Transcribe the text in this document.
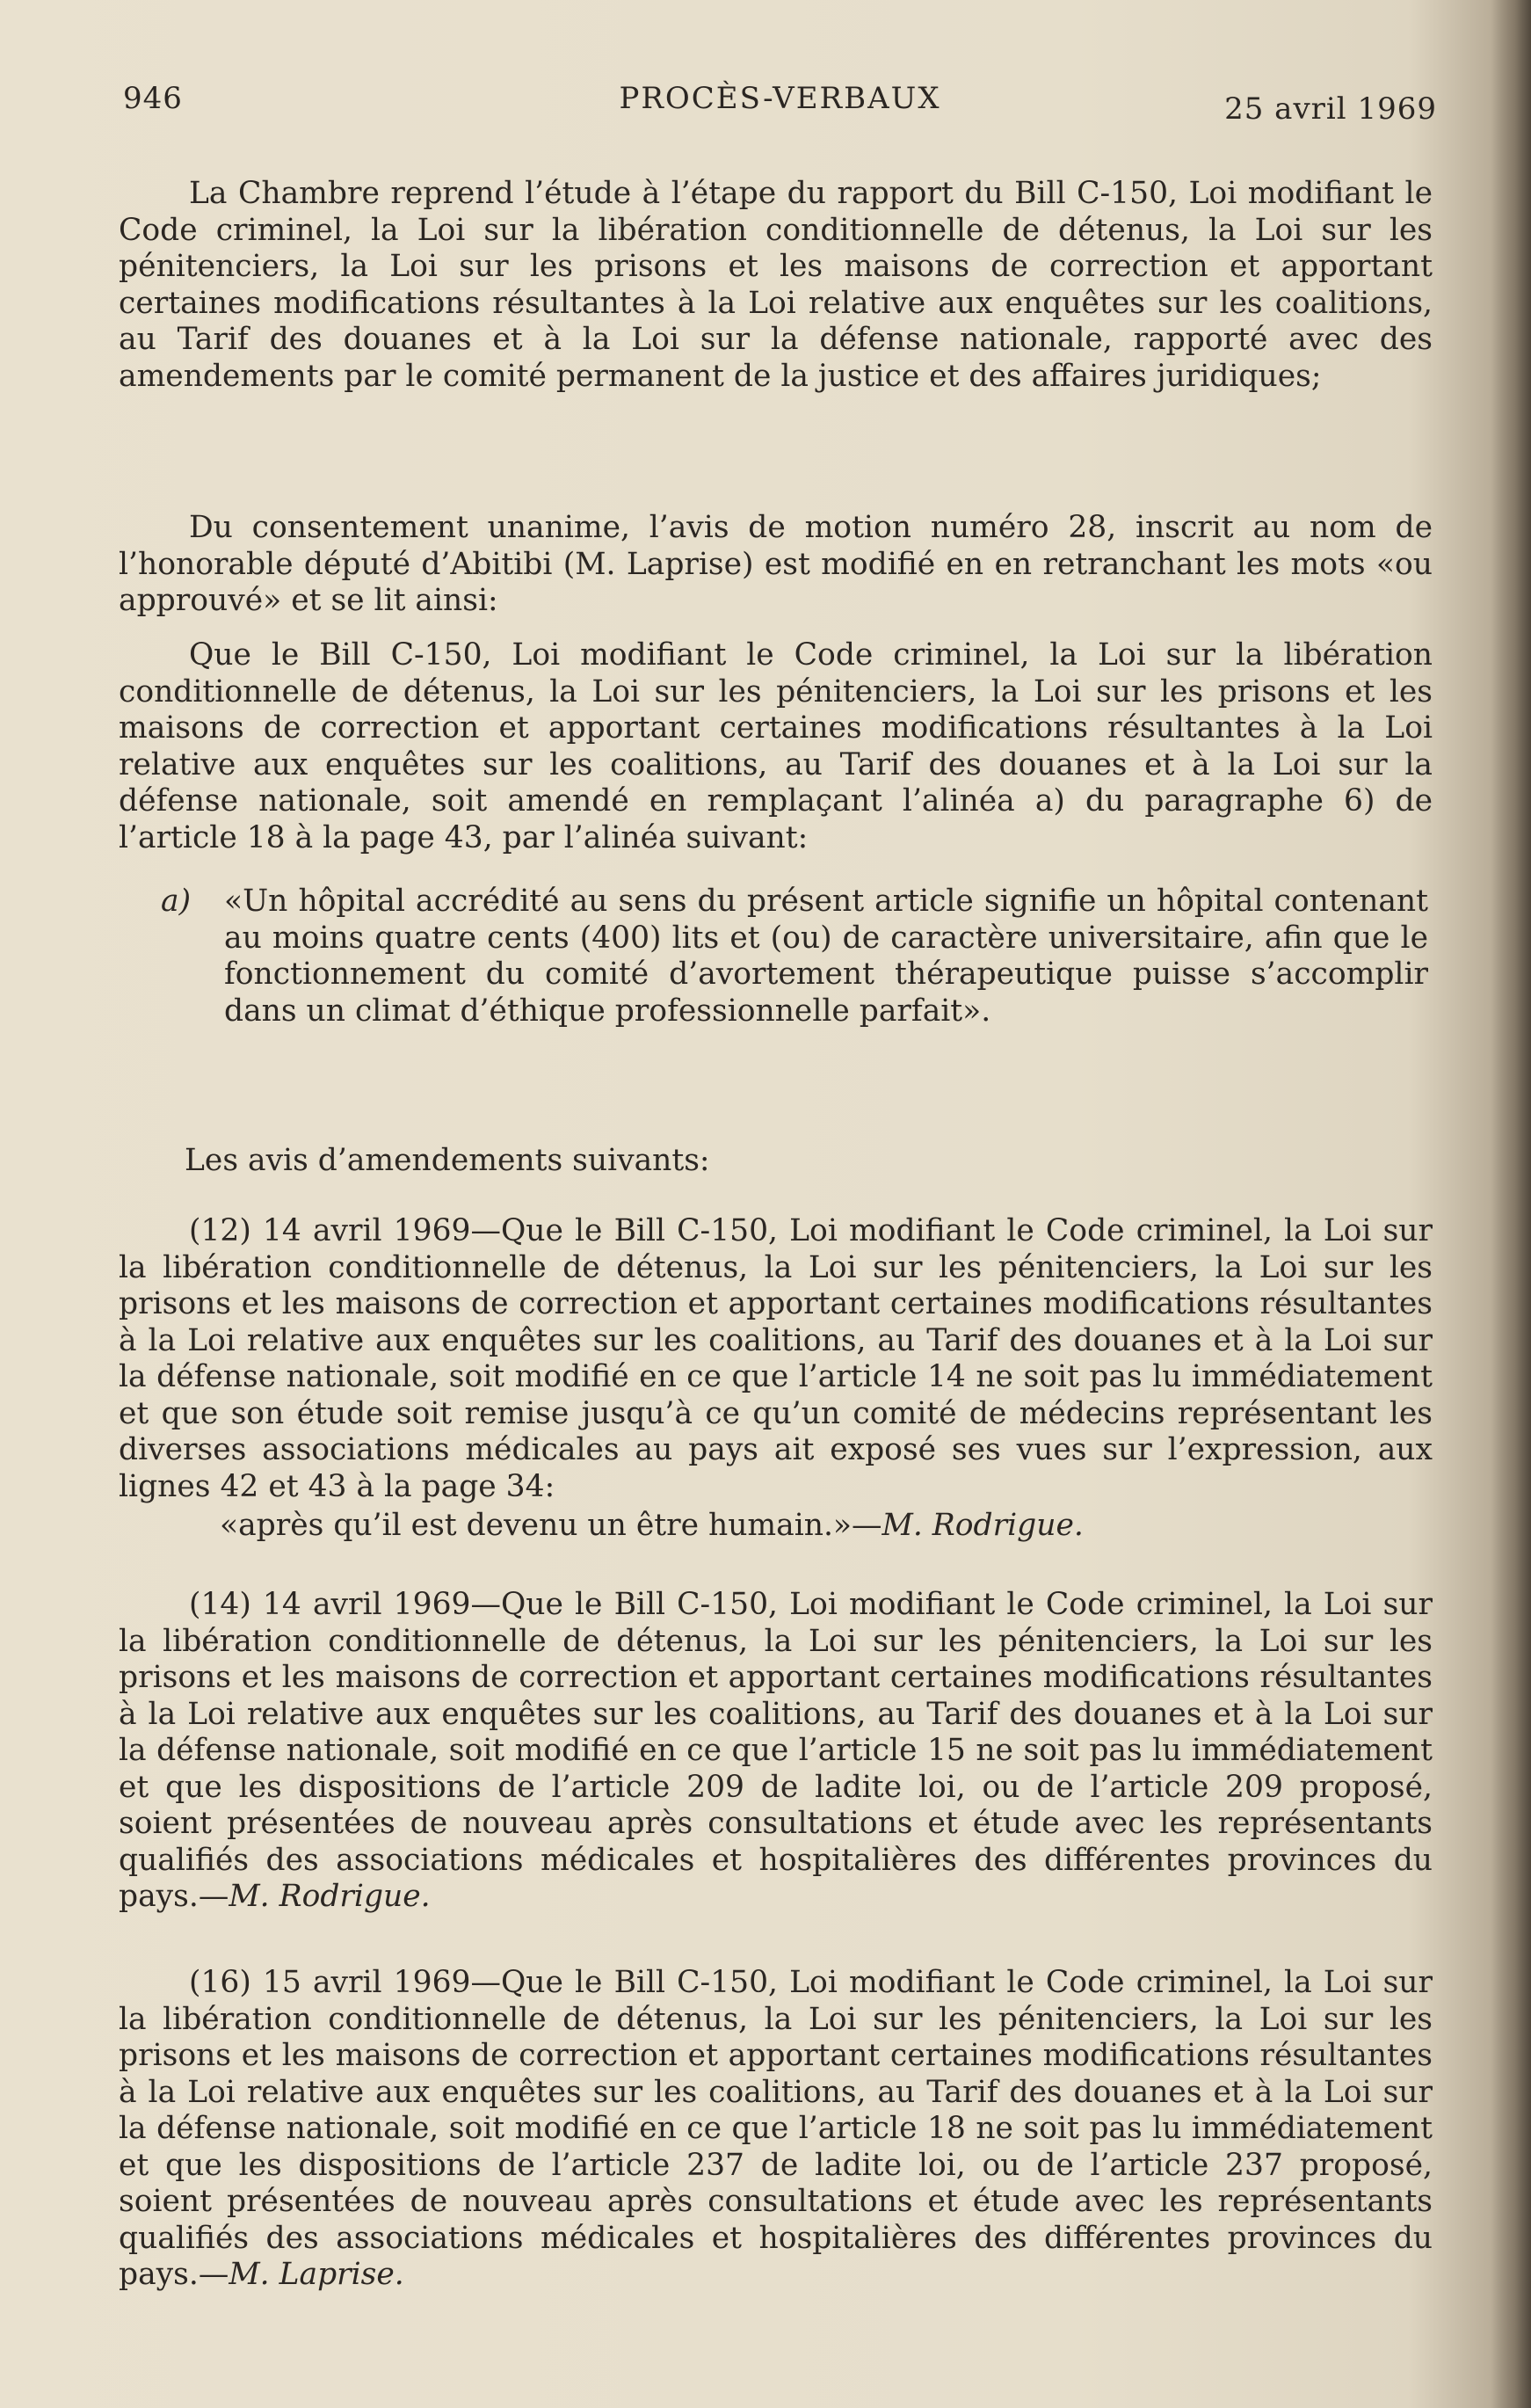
946	PROCÈS-VERBAUX	25 avril 1969

La Chambre reprend l’étude à l’étape du rapport du Bill C-150, Loi modifiant le Code criminel, la Loi sur la libération conditionnelle de détenus, la Loi sur les pénitenciers, la Loi sur les prisons et les maisons de correction et apportant certaines modifications résultantes à la Loi relative aux enquêtes sur les coalitions, au Tarif des douanes et à la Loi sur la défense nationale, rapporté avec des amendements par le comité permanent de la justice et des affaires juridiques;

Du consentement unanime, l’avis de motion numéro 28, inscrit au nom de l’honorable député d’Abitibi (M. Laprise) est modifié en en retranchant les mots «ou approuvé» et se lit ainsi:

Que le Bill C-150, Loi modifiant le Code criminel, la Loi sur la libération conditionnelle de détenus, la Loi sur les pénitenciers, la Loi sur les prisons et les maisons de correction et apportant certaines modifications résultantes à la Loi relative aux enquêtes sur les coalitions, au Tarif des douanes et à la Loi sur la défense nationale, soit amendé en remplaçant l’alinéa a) du paragraphe 6) de l’article 18 à la page 43, par l’alinéa suivant:

a) «Un hôpital accrédité au sens du présent article signifie un hôpital contenant au moins quatre cents (400) lits et (ou) de caractère universitaire, afin que le fonctionnement du comité d’avortement thérapeutique puisse s’accomplir dans un climat d’éthique professionnelle parfait».

Les avis d’amendements suivants:

(12) 14 avril 1969—Que le Bill C-150, Loi modifiant le Code criminel, la Loi sur la libération conditionnelle de détenus, la Loi sur les pénitenciers, la Loi sur les prisons et les maisons de correction et apportant certaines modifications résultantes à la Loi relative aux enquêtes sur les coalitions, au Tarif des douanes et à la Loi sur la défense nationale, soit modifié en ce que l’article 14 ne soit pas lu immédiatement et que son étude soit remise jusqu’à ce qu’un comité de médecins représentant les diverses associations médicales au pays ait exposé ses vues sur l’expression, aux lignes 42 et 43 à la page 34:

«après qu’il est devenu un être humain.»—M. Rodrigue.

(14) 14 avril 1969—Que le Bill C-150, Loi modifiant le Code criminel, la Loi sur la libération conditionnelle de détenus, la Loi sur les pénitenciers, la Loi sur les prisons et les maisons de correction et apportant certaines modifications résultantes à la Loi relative aux enquêtes sur les coalitions, au Tarif des douanes et à la Loi sur la défense nationale, soit modifié en ce que l’article 15 ne soit pas lu immédiatement et que les dispositions de l’article 209 de ladite loi, ou de l’article 209 proposé, soient présentées de nouveau après consultations et étude avec les représentants qualifiés des associations médicales et hospitalières des différentes provinces du pays.—M. Rodrigue.

(16) 15 avril 1969—Que le Bill C-150, Loi modifiant le Code criminel, la Loi sur la libération conditionnelle de détenus, la Loi sur les pénitenciers, la Loi sur les prisons et les maisons de correction et apportant certaines modifications résultantes à la Loi relative aux enquêtes sur les coalitions, au Tarif des douanes et à la Loi sur la défense nationale, soit modifié en ce que l’article 18 ne soit pas lu immédiatement et que les dispositions de l’article 237 de ladite loi, ou de l’article 237 proposé, soient présentées de nouveau après consultations et étude avec les représentants qualifiés des associations médicales et hospitalières des différentes provinces du pays.—M. Laprise.
